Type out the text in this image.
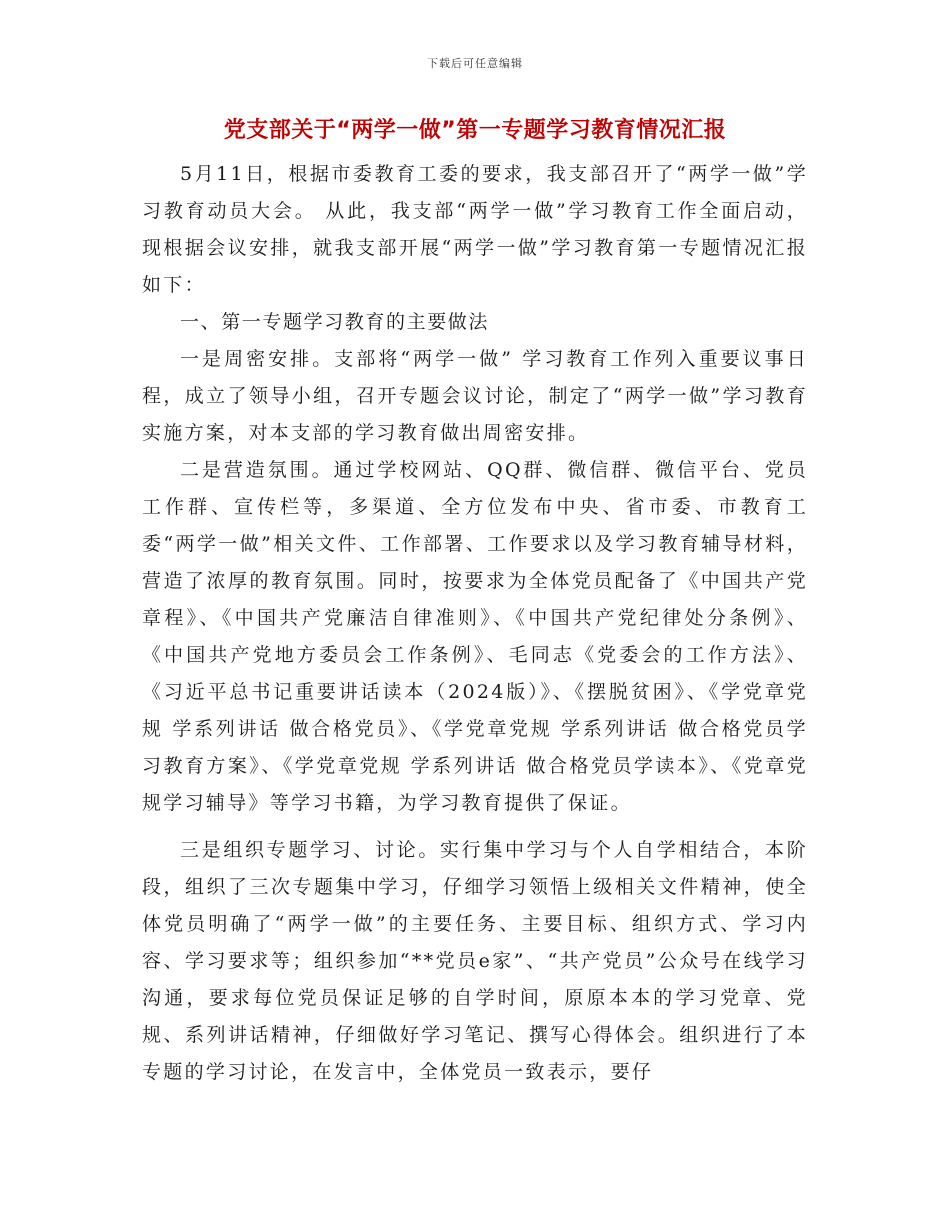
下载后可任意编辑
党支部关于“两学一做”第一专题学习教育情况汇报

5月11日，根据市委教育工委的要求，我支部召开了“两学一做”学习教育动员大会。 从此，我支部“两学一做”学习教育工作全面启动，现根据会议安排，就我支部开展“两学一做”学习教育第一专题情况汇报如下：

一、第一专题学习教育的主要做法

一是周密安排。支部将“两学一做” 学习教育工作列入重要议事日程，成立了领导小组，召开专题会议讨论，制定了“两学一做”学习教育实施方案，对本支部的学习教育做出周密安排。

二是营造氛围。通过学校网站、QQ群、微信群、微信平台、党员工作群、宣传栏等，多渠道、全方位发布中央、省市委、市教育工委“两学一做”相关文件、工作部署、工作要求以及学习教育辅导材料，营造了浓厚的教育氛围。同时，按要求为全体党员配备了《中国共产党章程》、《中国共产党廉洁自律准则》、《中国共产党纪律处分条例》、《中国共产党地方委员会工作条例》、毛同志《党委会的工作方法》、《习近平总书记重要讲话读本（2024版）》、《摆脱贫困》、《学党章党规 学系列讲话 做合格党员》、《学党章党规 学系列讲话 做合格党员学习教育方案》、《学党章党规 学系列讲话 做合格党员学读本》、《党章党规学习辅导》等学习书籍，为学习教育提供了保证。

三是组织专题学习、讨论。实行集中学习与个人自学相结合，本阶段，组织了三次专题集中学习，仔细学习领悟上级相关文件精神，使全体党员明确了“两学一做”的主要任务、主要目标、组织方式、学习内容、学习要求等；组织参加“**党员e家”、“共产党员”公众号在线学习沟通，要求每位党员保证足够的自学时间，原原本本的学习党章、党规、系列讲话精神，仔细做好学习笔记、撰写心得体会。组织进行了本专题的学习讨论，在发言中，全体党员一致表示，要仔
